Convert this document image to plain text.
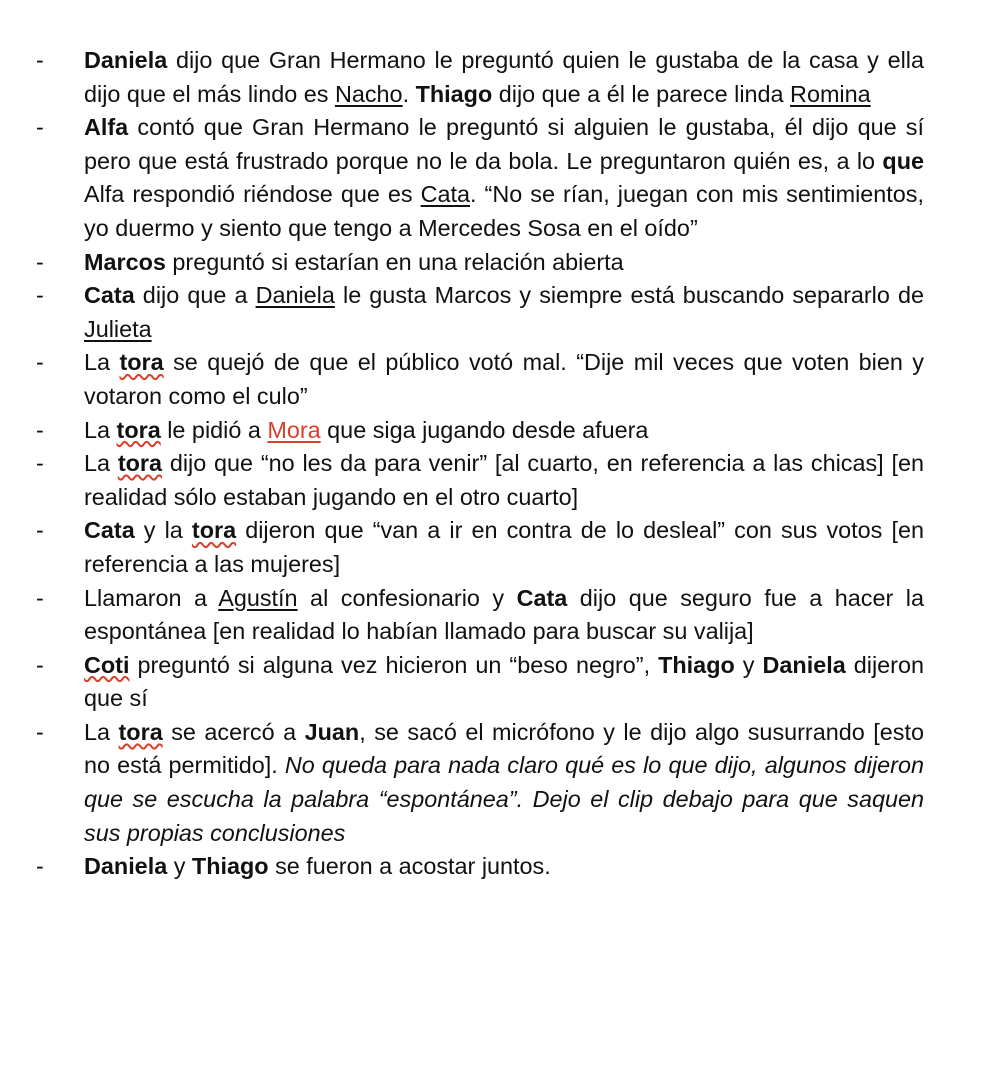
- Daniela dijo que Gran Hermano le preguntó quien le gustaba de la casa y ella dijo que el más lindo es Nacho. Thiago dijo que a él le parece linda Romina
- Alfa contó que Gran Hermano le preguntó si alguien le gustaba, él dijo que sí pero que está frustrado porque no le da bola. Le preguntaron quién es, a lo que Alfa respondió riéndose que es Cata. “No se rían, juegan con mis sentimientos, yo duermo y siento que tengo a Mercedes Sosa en el oído”
- Marcos preguntó si estarían en una relación abierta
- Cata dijo que a Daniela le gusta Marcos y siempre está buscando separarlo de Julieta
- La tora se quejó de que el público votó mal. “Dije mil veces que voten bien y votaron como el culo”
- La tora le pidió a Mora que siga jugando desde afuera
- La tora dijo que “no les da para venir” [al cuarto, en referencia a las chicas] [en realidad sólo estaban jugando en el otro cuarto]
- Cata y la tora dijeron que “van a ir en contra de lo desleal” con sus votos [en referencia a las mujeres]
- Llamaron a Agustín al confesionario y Cata dijo que seguro fue a hacer la espontánea [en realidad lo habían llamado para buscar su valija]
- Coti preguntó si alguna vez hicieron un “beso negro”, Thiago y Daniela dijeron que sí
- La tora se acercó a Juan, se sacó el micrófono y le dijo algo susurrando [esto no está permitido]. No queda para nada claro qué es lo que dijo, algunos dijeron que se escucha la palabra “espontánea”. Dejo el clip debajo para que saquen sus propias conclusiones
- Daniela y Thiago se fueron a acostar juntos.
